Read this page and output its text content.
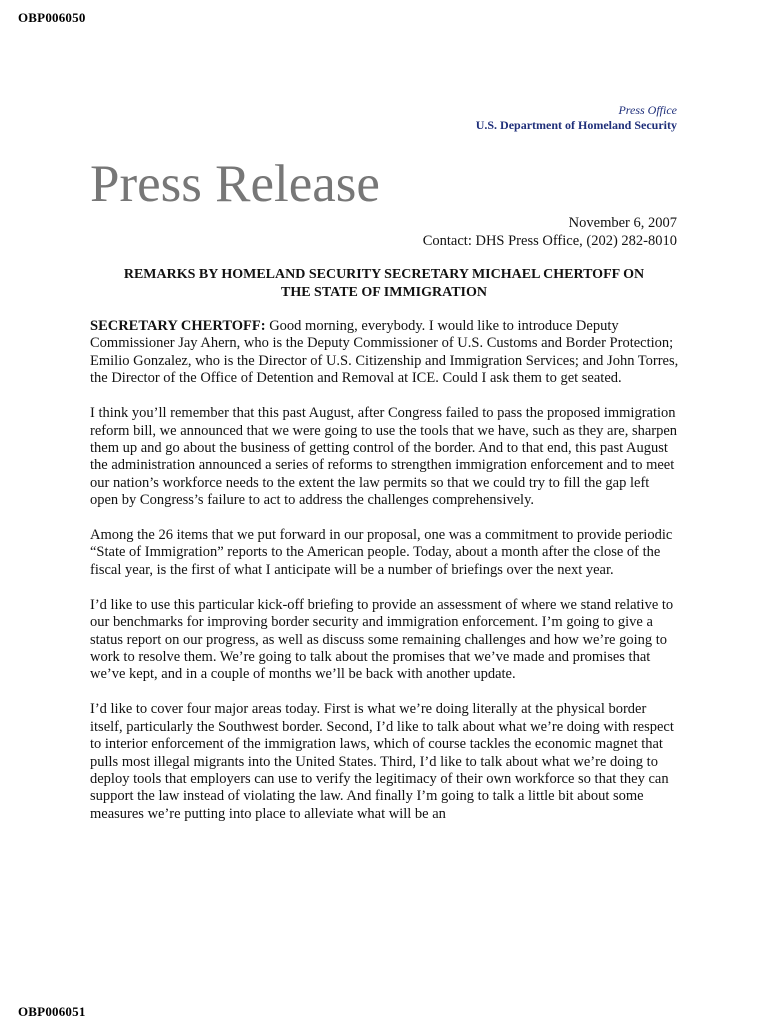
OBP006050
Press Office
U.S. Department of Homeland Security
Press Release
November 6, 2007
Contact: DHS Press Office, (202) 282-8010
REMARKS BY HOMELAND SECURITY SECRETARY MICHAEL CHERTOFF ON
THE STATE OF IMMIGRATION

SECRETARY CHERTOFF: Good morning, everybody. I would like to introduce Deputy Commissioner Jay Ahern, who is the Deputy Commissioner of U.S. Customs and Border Protection; Emilio Gonzalez, who is the Director of U.S. Citizenship and Immigration Services; and John Torres, the Director of the Office of Detention and Removal at ICE. Could I ask them to get seated.

I think you’ll remember that this past August, after Congress failed to pass the proposed immigration reform bill, we announced that we were going to use the tools that we have, such as they are, sharpen them up and go about the business of getting control of the border. And to that end, this past August the administration announced a series of reforms to strengthen immigration enforcement and to meet our nation’s workforce needs to the extent the law permits so that we could try to fill the gap left open by Congress’s failure to act to address the challenges comprehensively.

Among the 26 items that we put forward in our proposal, one was a commitment to provide periodic “State of Immigration” reports to the American people. Today, about a month after the close of the fiscal year, is the first of what I anticipate will be a number of briefings over the next year.

I’d like to use this particular kick-off briefing to provide an assessment of where we stand relative to our benchmarks for improving border security and immigration enforcement. I’m going to give a status report on our progress, as well as discuss some remaining challenges and how we’re going to work to resolve them. We’re going to talk about the promises that we’ve made and promises that we’ve kept, and in a couple of months we’ll be back with another update.

I’d like to cover four major areas today. First is what we’re doing literally at the physical border itself, particularly the Southwest border. Second, I’d like to talk about what we’re doing with respect to interior enforcement of the immigration laws, which of course tackles the economic magnet that pulls most illegal migrants into the United States. Third, I’d like to talk about what we’re doing to deploy tools that employers can use to verify the legitimacy of their own workforce so that they can support the law instead of violating the law. And finally I’m going to talk a little bit about some measures we’re putting into place to alleviate what will be an

OBP006051
